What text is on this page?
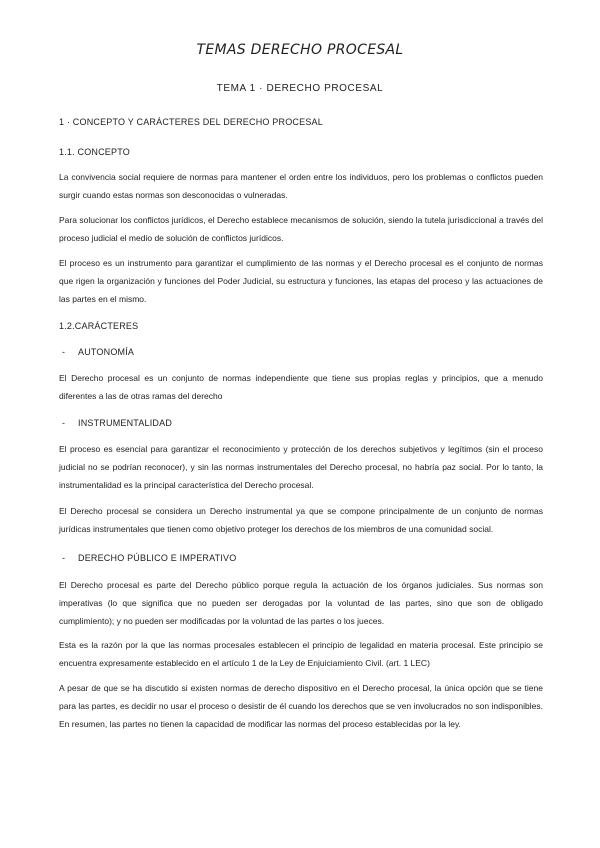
TEMAS DERECHO PROCESAL

TEMA 1 · DERECHO PROCESAL

1 · CONCEPTO Y CARÁCTERES DEL DERECHO PROCESAL

1.1. CONCEPTO

La convivencia social requiere de normas para mantener el orden entre los individuos, pero los problemas o conflictos pueden surgir cuando estas normas son desconocidas o vulneradas.

Para solucionar los conflictos jurídicos, el Derecho establece mecanismos de solución, siendo la tutela jurisdiccional a través del proceso judicial el medio de solución de conflictos jurídicos.

El proceso es un instrumento para garantizar el cumplimiento de las normas y el Derecho procesal es el conjunto de normas que rigen la organización y funciones del Poder Judicial, su estructura y funciones, las etapas del proceso y las actuaciones de las partes en el mismo.

1.2.CARÁCTERES

- AUTONOMÍA

El Derecho procesal es un conjunto de normas independiente que tiene sus propias reglas y principios, que a menudo diferentes a las de otras ramas del derecho

- INSTRUMENTALIDAD

El proceso es esencial para garantizar el reconocimiento y protección de los derechos subjetivos y legítimos (sin el proceso judicial no se podrían reconocer), y sin las normas instrumentales del Derecho procesal, no habría paz social. Por lo tanto, la instrumentalidad es la principal característica del Derecho procesal.

El Derecho procesal se considera un Derecho instrumental ya que se compone principalmente de un conjunto de normas jurídicas instrumentales que tienen como objetivo proteger los derechos de los miembros de una comunidad social.

- DERECHO PÚBLICO E IMPERATIVO

El Derecho procesal es parte del Derecho público porque regula la actuación de los órganos judiciales. Sus normas son imperativas (lo que significa que no pueden ser derogadas por la voluntad de las partes, sino que son de obligado cumplimiento); y no pueden ser modificadas por la voluntad de las partes o los jueces.

Esta es la razón por la que las normas procesales establecen el principio de legalidad en materia procesal. Este principio se encuentra expresamente establecido en el artículo 1 de la Ley de Enjuiciamiento Civil. (art. 1 LEC)

A pesar de que se ha discutido si existen normas de derecho dispositivo en el Derecho procesal, la única opción que se tiene para las partes, es decidir no usar el proceso o desistir de él cuando los derechos que se ven involucrados no son indisponibles. En resumen, las partes no tienen la capacidad de modificar las normas del proceso establecidas por la ley.
